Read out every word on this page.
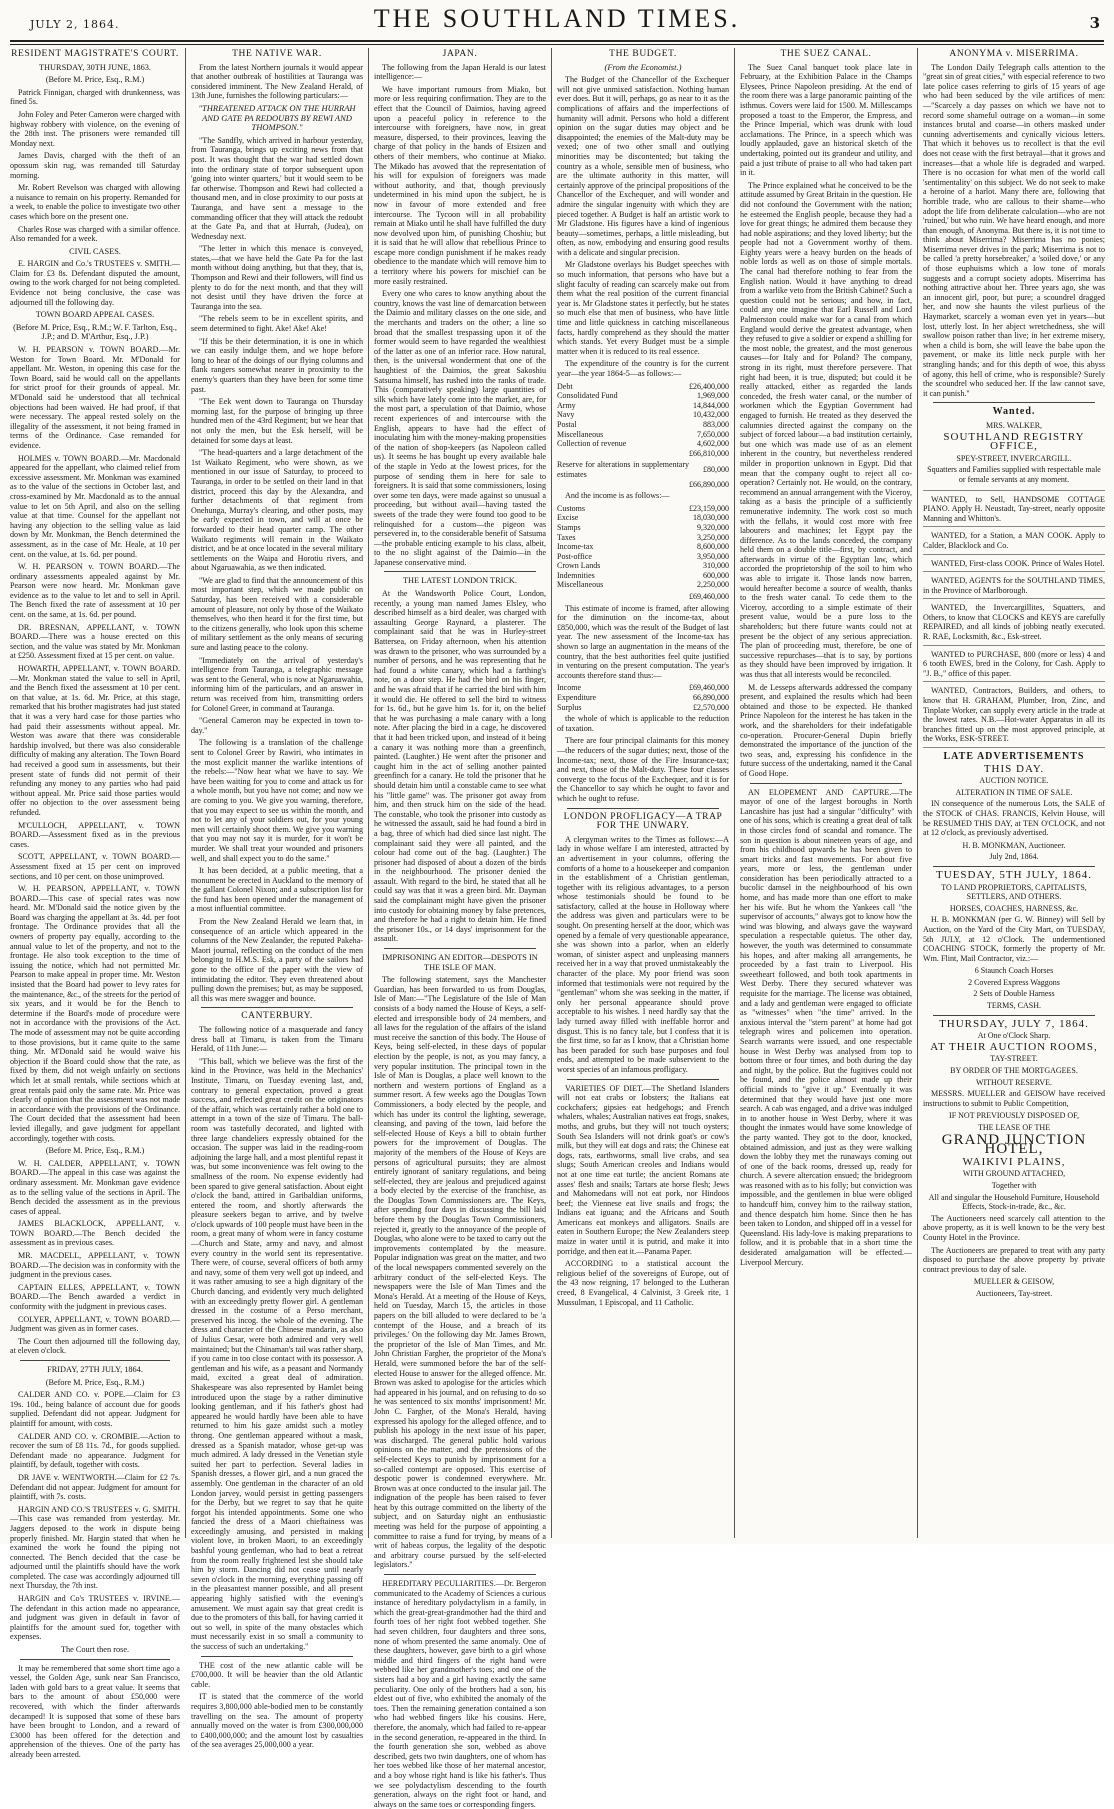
JULY 2, 1864.	THE SOUTHLAND TIMES.	3
RESIDENT MAGISTRATE'S COURT.
THURSDAY, 30TH JUNE, 1863.
(Before M. Price, Esq., R.M.)

Patrick Finnigan, charged with drunkenness, was fined 5s.

John Foley and Peter Cameron were charged with highway robbery with violence, on the evening of the 28th inst. The prisoners were remanded till Monday next.

James Davis, charged with the theft of an opossum skin rug, was remanded till Saturday morning.

Mr. Robert Revelson was charged with allowing a nuisance to remain on his property. Remanded for a week, to enable the police to investigate two other cases which bore on the present one.

Charles Rose was charged with a similar offence. Also remanded for a week.

CIVIL CASES.

E. HARGIN and Co.'s TRUSTEES v. SMITH.—Claim for £3 8s. Defendant disputed the amount, owing to the work charged for not being completed. Evidence not being conclusive, the case was adjourned till the following day.

TOWN BOARD APPEAL CASES.
(Before M. Price, Esq., R.M.; W. F. Tarlton, Esq., J.P.; and D. M'Arthur, Esq., J.P.)

W. H. PEARSON v. TOWN BOARD.—Mr. Weston for Town Board. Mr. M'Donald for appellant. Mr. Weston, in opening this case for the Town Board, said he would call on the appellants for strict proof for their grounds of appeal. Mr. M'Donald said he understood that all technical objections had been waived. He had proof, if that were necessary. The appeal rested solely on the illegality of the assessment, it not being framed in terms of the Ordinance. Case remanded for evidence.

HOLMES v. TOWN BOARD.—Mr. Macdonald appeared for the appellant, who claimed relief from excessive assessment. Mr. Monkman was examined as to the value of the sections in October last, and cross-examined by Mr. Macdonald as to the annual value to let on 5th April, and also on the selling value at that time. Counsel for the appellant not having any objection to the selling value as laid down by Mr. Monkman, the Bench determined the assessment, as in the case of Mr. Heale, at 10 per cent. on the value, at 1s. 6d. per pound.

W. H. PEARSON v. TOWN BOARD.—The ordinary assessments appealed against by Mr. Pearson were now heard. Mr. Monkman gave evidence as to the value to let and to sell in April. The Bench fixed the rate of assessment at 10 per cent. on the same, at 1s. 6d. per pound.

DR. BRESNAN, APPELLANT, v. TOWN BOARD.—There was a house erected on this section, and the value was stated by Mr. Monkman at £250. Assessment fixed at 15 per cent. on value.

HOWARTH, APPELLANT, v. TOWN BOARD.—Mr. Monkman stated the value to sell in April, and the Bench fixed the assessment at 10 per cent. on that value, at 1s. 6d. Mr. Price, at this stage, remarked that his brother magistrates had just stated that it was a very hard case for those parties who had paid their assessments without appeal. Mr. Weston was aware that there was considerable hardship involved, but there was also considerable difficulty of making any alteration. The Town Board had received a good sum in assessments, but their present state of funds did not permit of their refunding any money to any parties who had paid without appeal. Mr. Price said those parties would offer no objection to the over assessment being refunded.

M'CULLOCH, APPELLANT, v. TOWN BOARD.—Assessment fixed as in the previous cases.

SCOTT, APPELLANT, v. TOWN BOARD.—Assessment fixed at 15 per cent on improved sections, and 10 per cent. on those unimproved.

W. H. PEARSON, APPELLANT, v. TOWN BOARD.—This case of special rates was now heard. Mr. M'Donald said the notice given by the Board was charging the appellant at 3s. 4d. per foot frontage. The Ordinance provides that all the owners of property pay equally, according to the annual value to let of the property, and not to the frontage. He also took exception to the time of issuing the notice, which had not permitted Mr. Pearson to make appeal in proper time. Mr. Weston insisted that the Board had power to levy rates for the maintenance, &c., of the streets for the period of six years, and it would be for the Bench to determine if the Board's mode of procedure were not in accordance with the provisions of the Act. The mode of assessment may not be quite according to those provisions, but it came quite to the same thing. Mr. M'Donald said he would waive his objection if the Board could show that the rate, as fixed by them, did not weigh unfairly on sections which let at small rentals, while sections which at great rentals paid only the same rate. Mr. Price was clearly of opinion that the assessment was not made in accordance with the provisions of the Ordinance. The Court decided that the assessment had been levied illegally, and gave judgment for appellant accordingly, together with costs.

(Before M. Price, Esq., R.M.)

W. H. CALDER, APPELLANT, v. TOWN BOARD.—The appeal in this case was against the ordinary assessment. Mr. Monkman gave evidence as to the selling value of the sections in April. The Bench decided the assessment as in the previous cases of appeal.

JAMES BLACKLOCK, APPELLANT, v. TOWN BOARD.—The Bench decided the assessment as in previous cases.

MR. MACDELL, APPELLANT, v. TOWN BOARD.—The decision was in conformity with the judgment in the previous cases.

CAPTAIN ELLES, APPELLANT, v. TOWN BOARD.—The Bench awarded a verdict in conformity with the judgment in previous cases.

COLYER, APPELLANT, v. TOWN BOARD.—Judgment was given as in former cases.

The Court then adjourned till the following day, at eleven o'clock.

FRIDAY, 27TH JULY, 1864.
(Before M. Price, Esq., R.M.)

CALDER AND CO. v. POPE.—Claim for £3 19s. 10d., being balance of account due for goods supplied. Defendant did not appear. Judgment for plaintiff for amount, with costs.

CALDER AND CO. v. CROMBIE.—Action to recover the sum of £8 11s. 7d., for goods supplied. Defendant made no appearance. Judgment for plaintiff, by default, together with costs.

DR JAVE v. WENTWORTH.—Claim for £2 7s. Defendant did not appear. Judgment for amount for plaintiff, with 7s. costs.

HARGIN AND CO.'S TRUSTEES v. G. SMITH.—This case was remanded from yesterday. Mr. Jaggers deposed to the work in dispute being properly finished. Mr. Hargin stated that when he examined the work he found the piping not connected. The Bench decided that the case be adjourned until the plaintiffs should have the work completed. The case was accordingly adjourned till next Thursday, the 7th inst.

HARGIN and Co's TRUSTEES v. IRVINE.—The defendant in this action made no appearance, and judgment was given in default in favor of plaintiffs for the amount sued for, together with expenses.

The Court then rose.

It may be remembered that some short time ago a vessel, the Golden Age, sunk near San Francisco, laden with gold bars to a great value. It seems that bars to the amount of about £50,000 were recovered, with which the finder afterwards decamped! It is supposed that some of these bars have been brought to London, and a reward of £3000 has been offered for the detection and apprehension of the thieves. One of the party has already been arrested.

THE NATIVE WAR.

From the latest Northern journals it would appear that another outbreak of hostilities at Tauranga was considered imminent. The New Zealand Herald, of 13th June, furnishes the following particulars:—

"THREATENED ATTACK ON THE HURRAH AND GATE PA REDOUBTS BY REWI AND THOMPSON."

"The Sandfly, which arrived in harbour yesterday, from Tauranga, brings up exciting news from that post. It was thought that the war had settled down into the ordinary state of torpor subsequent upon 'going into winter quarters,' but it would seem to be far otherwise. Thompson and Rewi had collected a thousand men, and in close proximity to our posts at Tauranga, and have sent a message to the commanding officer that they will attack the redoubt at the Gate Pa, and that at Hurrah, (Judea), on Wednesday next.

"The letter in which this menace is conveyed, states,—that we have held the Gate Pa for the last month without doing anything, but that they, that is, Thompson and Rewi and their followers, will find us plenty to do for the next month, and that they will not desist until they have driven the force at Tauranga into the sea.

"The rebels seem to be in excellent spirits, and seem determined to fight. Ake! Ake! Ake!

"If this be their determination, it is one in which we can easily indulge them, and we hope before long to hear of the doings of our flying columns and flank rangers somewhat nearer in proximity to the enemy's quarters than they have been for some time past.

"The Eek went down to Tauranga on Thursday morning last, for the purpose of bringing up three hundred men of the 43rd Regiment; but we hear that not only the men, but the Esk herself, will be detained for some days at least.

"The head-quarters and a large detachment of the 1st Waikato Regiment, who were shown, as we mentioned in our issue of Saturday, to proceed to Tauranga, in order to be settled on their land in that district, proceed this day by the Alexandra, and further detachments of that regiment from Onehunga, Murray's clearing, and other posts, may be early expected in town, and will at once be forwarded to their head quarter camp. The other Waikato regiments will remain in the Waikato district, and be at once located in the several military settlements on the Waipa and Horotiu rivers, and about Ngaruawahia, as we then indicated.

"We are glad to find that the announcement of this most important step, which we made public on Saturday, has been received with a considerable amount of pleasure, not only by those of the Waikato themselves, who then heard it for the first time, but to the citizens generally, who look upon this scheme of military settlement as the only means of securing sure and lasting peace to the colony.

"Immediately on the arrival of yesterday's intelligence from Tauranga, a telegraphic message was sent to the General, who is now at Ngaruawahia, informing him of the particulars, and an answer in return was received from him, transmitting orders for Colonel Greer, in command at Tauranga.

"General Cameron may be expected in town to-day."

The following is a translation of the challenge sent to Colonel Greer by Rawiri, who intimates in the most explicit manner the warlike intentions of the rebels:—"Now hear what we have to say. We have been waiting for you to come and attack us for a whole month, but you have not come; and now we are coming to you. We give you warning, therefore, that you may expect to see us within the month, and not to let any of your soldiers out, for your young men will certainly shoot them. We give you warning that you may not say it is murder, for it won't be murder. We shall treat your wounded and prisoners well, and shall expect you to do the same."

It has been decided, at a public meeting, that a monument be erected in Auckland to the memory of the gallant Colonel Nixon; and a subscription list for the fund has been opened under the management of a most influential committee.

From the New Zealand Herald we learn that, in consequence of an article which appeared in the columns of the New Zealander, the reputed Pakeha-Maori journal, reflecting on the conduct of the men belonging to H.M.S. Esk, a party of the sailors had gone to the office of the paper with the view of intimidating the editor. They even threatened about pulling down the premises; but, as may be supposed, all this was mere swagger and bounce.

CANTERBURY.

The following notice of a masquerade and fancy dress ball at Timaru, is taken from the Timaru Herald, of 11th June:—

"This ball, which we believe was the first of the kind in the Province, was held in the Mechanics' Institute, Timaru, on Tuesday evening last, and, contrary to general expectation, proved a great success, and reflected great credit on the originators of the affair, which was certainly rather a bold one to attempt in a town of the size of Timaru. The ball-room was tastefully decorated, and lighted with three large chandeliers expressly obtained for the occasion. The supper was laid in the reading-room adjoining the large hall, and a most plentiful repast it was, but some inconvenience was felt owing to the smallness of the room. No expense evidently had been spared to give general satisfaction. About eight o'clock the band, attired in Garibaldian uniforms, entered the room, and shortly afterwards the pleasure seekers began to arrive, and by twelve o'clock upwards of 100 people must have been in the room, a great many of whom were in fancy costume—Church and State, army and navy, and almost every country in the world sent its representative. There were, of course, several officers of both army and navy, some of them very well got up indeed, and it was rather amusing to see a high dignitary of the Church dancing, and evidently very much delighted with an exceedingly pretty flower girl. A gentleman dressed in the costume of a Perso merchant, preserved his incog. the whole of the evening. The dress and character of the Chinese mandarin, as also of Julius Cæsar, were both admired and very well maintained; but the Chinaman's tail was rather sharp, if you came in too close contact with its possessor. A gentleman and his wife, as a peasant and Normandy maid, excited a great deal of admiration. Shakespeare was also represented by Hamlet being introduced upon the stage by a rather diminutive looking gentleman, and if his father's ghost had appeared he would hardly have been able to have returned to him his gaze amidst such a motley throng. One gentleman appeared without a mask, dressed as a Spanish matador, whose get-up was much admired. A lady dressed in the Venetian style suited her part to perfection. Several ladies in Spanish dresses, a flower girl, and a nun graced the assembly. One gentleman in the character of an old London jarvey, would persist in getting passengers for the Derby, but we regret to say that he quite forgot his intended appointments. Some one who fancied the dress of a Maori chieftainess was exceedingly amusing, and persisted in making violent love, in broken Maori, to an exceedingly bashful young gentleman, who had to beat a retreat from the room really frightened lest she should take him by storm. Dancing did not cease until nearly seven o'clock in the morning, everything passing off in the pleasantest manner possible, and all present appearing highly satisfied with the evening's amusement. We must again say that great credit is due to the promoters of this ball, for having carried it out so well, in spite of the many obstacles which must necessarily exist in so small a community to the success of such an undertaking."

THE cost of the new atlantic cable will be £700,000. It will be heavier than the old Atlantic cable.

IT is stated that the commerce of the world requires 3,800,000 able-bodied men to be constantly travelling on the sea. The amount of property annually moved on the water is from £300,000,000 to £400,000,000; and the amount lost by casualties of the sea averages 25,000,000 a year.

JAPAN.

The following from the Japan Herald is our latest intelligence:—

We have important rumours from Miako, but more or less requiring confirmation. They are to the effect that the Council of Daimios, having agreed upon a peaceful policy in reference to the intercourse with foreigners, have now, in great measure, dispersed, to their provinces, leaving the charge of that policy in the hands of Etsizen and others of their members, who continue at Miako. The Mikado has avowed that the representation of his will for expulsion of foreigners was made without authority, and that, though previously undetermined in his mind upon the subject, he is now in favour of more extended and free intercourse. The Tycoon will in all probability remain at Miako until he shall have fulfilled the duty now devolved upon him, of punishing Choshiu; but it is said that he will allow that rebellious Prince to escape more condign punishment if he makes ready obedience to the mandate which will remove him to a territory where his powers for mischief can be more easily restrained.

Every one who cares to know anything about the country, knows the vast line of demarcation between the Daimio and military classes on the one side, and the merchants and traders on the other; a line so broad that the smallest trespassing upon it of the former would seem to have regarded the wealthiest of the latter as one of an inferior race. How natural, then, is the universal wonderment that one of the haughtiest of the Daimios, the great Sakoshiu Satsuma himself, has rushed into the ranks of trade. This (comparatively speaking) large quantities of silk which have lately come into the market, are, for the most part, a speculation of that Daimio, whose recent experiences of and intercourse with the English, appears to have had the effect of inoculating him with the money-making propensities of the nation of shop-keepers (as Napoleon called us). It seems he has bought up every available bale of the staple in Yedo at the lowest prices, for the purpose of sending them in here for sale to foreigners. It is said that some commissioners, losing over some ten days, were made against so unusual a proceeding, but without avail—having tasted the sweets of the trade they were found too good to be relinquished for a custom—the pigeon was persevered in, to the considerable benefit of Satsuma—the probable enticing example to his class, albeit, to the no slight against of the Daimio—in the Japanese conservative mind.

THE LATEST LONDON TRICK.

At the Wandsworth Police Court, London, recently, a young man named James Elsley, who described himself as a bird dealer, was charged with assaulting George Raynard, a plasterer. The complainant said that he was in Hurley-street Battersea, on Friday afternoon, when his attention was drawn to the prisoner, who was surrounded by a number of persons, and he was representing that he had found a white canary, which had a farthing's note, on a door step. He had the bird on his finger, and he was afraid that if he carried the bird with him it would die. He offered to sell the bird to witness for 1s. 6d., but he gave him 1s. for it, on the belief that he was purchasing a male canary with a long note. After placing the bird in a cage, he discovered that it had been tricked upon, and instead of it being a canary it was nothing more than a greenfinch, painted. (Laughter.) He went after the prisoner and caught him in the act of selling another painted greenfinch for a canary. He told the prisoner that he should detain him until a constable came to see what his "little game" was. The prisoner got away from him, and then struck him on the side of the head. The constable, who took the prisoner into custody as he witnessed the assault, said he had found a bird in a bag, three of which had died since last night. The complainant said they were all painted, and the colour had come out of the bag. (Laughter.) The prisoner had disposed of about a dozen of the birds in the neighbourhood. The prisoner denied the assault. With regard to the bird, he stated that all he could say was that it was a green bird. Mr. Dayman said the complainant might have given the prisoner into custody for obtaining money by false pretences, and therefore he had a right to detain him. He fined the prisoner 10s., or 14 days' imprisonment for the assault.

IMPRISONING AN EDITOR—DESPOTS IN THE ISLE OF MAN.

The following statement, says the Manchester Guardian, has been forwarded to us from Douglas, Isle of Man:—"The Legislature of the Isle of Man consists of a body named the House of Keys, a self-elected and irresponsible body of 24 members, and all laws for the regulation of the affairs of the island must receive the sanction of this body. The House of Keys, being self-elected, in these days of popular election by the people, is not, as you may fancy, a very popular institution. The principal town in the Isle of Man is Douglas, a place well known to the northern and western portions of England as a summer resort. A few weeks ago the Douglas Town Commissioners, a body elected by the people, and which has under its control the lighting, sewerage, cleansing, and paving of the town, laid before the self-elected House of Keys a bill to obtain further powers for the improvement of Douglas. The majority of the members of the House of Keys are persons of agricultural pursuits; they are almost entirely ignorant of sanitary regulations, and being self-elected, they are jealous and prejudiced against a body elected by the exercise of the franchise, as the Douglas Town Commissioners are. The Keys, after spending four days in discussing the bill laid before them by the Douglas Town Commissioners, rejected it, greatly to the annoyance of the people of Douglas, who alone were to be taxed to carry out the improvements contemplated by the measure. Popular indignation was great on the matter, and two of the local newspapers commented severely on the arbitrary conduct of the self-elected Keys. The newspapers were the Isle of Man Times and the Mona's Herald. At a meeting of the House of Keys, held on Tuesday, March 15, the articles in those papers on the bill alluded to were declared to be 'a contempt of the House, and a breach of its privileges.' On the following day Mr. James Brown, the proprietor of the Isle of Man Times, and Mr. John Christian Fargher, the proprietor of the Mona's Herald, were summoned before the bar of the self-elected House to answer for the alleged offence. Mr. Brown was asked to apologise for the articles which had appeared in his journal, and on refusing to do so he was sentenced to six months' imprisonment! Mr. John C. Fargher, of the Mona's Herald, having expressed his apology for the alleged offence, and to publish his apology in the next issue of his paper, was discharged. The general public hold various opinions on the matter, and the pretensions of the self-elected Keys to punish by imprisonment for a so-called contempt are opposed. This exercise of despotic power is condemned everywhere. Mr. Brown was at once conducted to the insular jail. The indignation of the people has been raised to fever heat by this outrage committed on the liberty of the subject, and on Saturday night an enthusiastic meeting was held for the purpose of appointing a committee to raise a fund for trying, by means of a writ of habeas corpus, the legality of the despotic and arbitrary course pursued by the self-elected legislators."

HEREDITARY PECULIARITIES.—Dr. Bergeron communicated to the Academy of Sciences a curious instance of hereditary polydactylism in a family, in which the great-great-grandmother had the third and fourth toes of her right foot webbed together. She had seven children, four daughters and three sons, none of whom presented the same anomaly. One of these daughters, however, gave birth to a girl whose middle and third fingers of the right hand were webbed like her grandmother's toes; and one of the sisters had a boy and a girl having exactly the same peculiarity. One only of the brothers had a son, his eldest out of five, who exhibited the anomaly of the toes. Then the remaining generation contained a son who had webbed fingers like his cousins. Here, therefore, the anomaly, which had failed to re-appear in the second generation, re-appeared in the third. In the fourth generation she son, webbed as above described, gets two twin daughters, one of whom has her toes webbed like those of her maternal ancestor, and a boy whose right hand is like his father's. Thus we see polydactylism descending to the fourth generation, always on the right foot or hand, and always on the same toes or corresponding fingers.

THE BUDGET.
(From the Economist.)

The Budget of the Chancellor of the Exchequer will not give unmixed satisfaction. Nothing human ever does. But it will, perhaps, go as near to it as the complications of affairs and the imperfections of humanity will admit. Persons who hold a different opinion on the sugar duties may object and be disappointed; the enemies of the Malt-duty may be vexed; one of two other small and outlying minorities may be discontented; but taking the country as a whole, sensible men of business, who are the ultimate authority in this matter, will certainly approve of the principal propositions of the Chancellor of the Exchequer, and will wonder and admire the singular ingenuity with which they are pieced together. A Budget is half an artistic work to Mr Gladstone. His figures have a kind of ingenious beauty—sometimes, perhaps, a little misleading, but often, as now, embodying and ensuring good results with a delicate and singular precision.

Mr Gladstone overlays his Budget speeches with so much information, that persons who have but a slight faculty of reading can scarcely make out from them what the real position of the current financial year is. Mr Gladstone states it perfectly, but he states so much else that men of business, who have little time and little quickness in catching miscellaneous facts, hardly comprehend as they should the matter which stands. Yet every Budget must be a simple matter when it is reduced to its real essence.

The expenditure of the country is for the current year—the year 1864-5—as follows:—

Debt	£26,400,000
Consolidated Fund	1,969,000
Army	14,844,000
Navy	10,432,000
Postal	883,000
Miscellaneous	7,650,000
Collection of revenue	4,602,000
	£66,810,000
Reserve for alterations in supplementary estimates	£80,000
	£66,890,000

And the income is as follows:—

Customs	£23,159,000
Excise	18,030,000
Stamps	9,320,000
Taxes	3,250,000
Income-tax	8,600,000
Post-office	3,950,000
Crown Lands	310,000
Indemnities	600,000
Miscellaneous	2,250,000
	£69,460,000

This estimate of income is framed, after allowing for the diminution on the income-tax, about £850,000, which was the result of the Budget of last year. The new assessment of the Income-tax has shown so large an augmentation in the means of the country, that the best authorities feel quite justified in venturing on the present computation. The year's accounts therefore stand thus:—

Income	£69,460,000
Expenditure	66,890,000
Surplus	£2,570,000

the whole of which is applicable to the reduction of taxation.

There are four principal claimants for this money—the reducers of the sugar duties; next, those of the Income-tax; next, those of the Fire Insurance-tax; and next, those of the Malt-duty. These four classes converge to the focus of the Exchequer, and it is for the Chancellor to say which he ought to favor and which he ought to refuse.

LONDON PROFLIGACY—A TRAP FOR THE UNWARY.

A clergyman writes to the Times as follows:—A lady in whose welfare I am interested, attracted by an advertisement in your columns, offering the comforts of a home to a housekeeper and companion in the establishment of a Christian gentleman, together with its religious advantages, to a person whose testimonials should be found to be satisfactory, called at the house in Holloway where the address was given and particulars were to be sought. On presenting herself at the door, which was opened by a female of very questionable appearance, she was shown into a parlor, when an elderly woman, of sinister aspect and unpleasing manners received her in a way that proved unmistakeably the character of the place. My poor friend was soon informed that testimonials were not required by the "gentleman" whom she was seeking in the matter, if only her personal appearance should prove acceptable to his wishes. I need hardly say that the lady turned away filled with ineffable horror and disgust. This is no fancy tale, but I confess that it is the first time, so far as I know, that a Christian home has been paraded for such base purposes and foul ends, and attempted to be made subservient to the worst species of an infamous profligacy.

VARIETIES OF DIET.—The Shetland Islanders will not eat crabs or lobsters; the Italians eat cockchafers; gipsies eat hedgehogs; and French whalers, whales; Australian natives eat frogs, snakes, moths, and grubs, but they will not touch oysters; South Sea Islanders will not drink goat's or cow's milk, but they will eat dogs and rats; the Chinese eat dogs, rats, earthworms, small live crabs, and sea slugs; South American creoles and Indians would not at one time eat turtle; the ancient Romans ate asses' flesh and snails; Tartars ate horse flesh; Jews and Mahomedans will not eat pork, nor Hindoos beef; the Viennese eat live snails and frogs; the Indians eat iguana; and the Africans and South Americans eat monkeys and alligators. Snails are eaten in Southern Europe; the New Zealanders steep maize in water until it is putrid, and make it into porridge, and then eat it.—Panama Paper.

ACCORDING to a statistical account the religious belief of the sovereigns of Europe, out of the 43 now reigning, 17 belonged to the Lutheran creed, 8 Evangelical, 4 Calvinist, 3 Greek rite, 1 Mussulman, 1 Episcopal, and 11 Catholic.

THE SUEZ CANAL.

The Suez Canal banquet took place late in February, at the Exhibition Palace in the Champs Elysees, Prince Napoleon presiding. At the end of the room there was a large panoramic painting of the isthmus. Covers were laid for 1500. M. Millescamps proposed a toast to the Emperor, the Empress, and the Prince Imperial, which was drunk with loud acclamations. The Prince, in a speech which was loudly applauded, gave an historical sketch of the undertaking, pointed out its grandeur and utility, and paid a just tribute of praise to all who had taken part in it.

The Prince explained what he conceived to be the attitude assumed by Great Britain in the question. He did not confound the Government with the nation; he esteemed the English people, because they had a love for great things; he admired them because they had noble aspirations; and they loved liberty; but the people had not a Government worthy of them. Eighty years were a heavy burden on the heads of noble lords as well as on those of simple mortals. The canal had therefore nothing to fear from the English nation. Would it have anything to dread from a warlike veto from the British Cabinet? Such a question could not be serious; and how, in fact, could any one imagine that Earl Russell and Lord Palmerston could make war for a canal from which England would derive the greatest advantage, when they refused to give a soldier or expend a shilling for the most noble, the greatest, and the most generous causes—for Italy and for Poland? The company, strong in its right, must therefore persevere. That right had been, it is true, disputed; but could it be really attacked, either as regarded the lands conceded, the fresh water canal, or the number of workmen which the Egyptian Government had engaged to furnish. He treated as they deserved the calumnies directed against the company on the subject of forced labour—a bad institution certainly, but one which was made use of as an element inherent in the country, but nevertheless rendered milder in proportion unknown in Egypt. Did that mean that the company ought to reject all co-operation? Certainly not. He would, on the contrary, recommend an annual arrangement with the Viceroy, taking as a basis the principle of a sufficiently remunerative indemnity. The work cost so much with the fellahs, it would cost more with free labourers and machines; let Egypt pay the difference. As to the lands conceded, the company held them on a double title—first, by contract, and afterwards in virtue of the Egyptian law, which accorded the proprietorship of the soil to him who was able to irrigate it. Those lands now barren, would hereafter become a source of wealth, thanks to the fresh water canal. To cede them to the Viceroy, according to a simple estimate of their present value, would be a pure loss to the shareholders; but there future wants could not at present be the object of any serious appreciation. The plan of proceeding must, therefore, be one of successive repurchases—that is to say, by portions as they should have been improved by irrigation. It was thus that all interests would be reconciled.

M. de Lesseps afterwards addressed the company present, and explained the results which had been obtained and those to be expected. He thanked Prince Napoleon for the interest he has taken in the work, and the shareholders for their indefatigable co-operation. Procurer-General Dupin briefly demonstrated the importance of the junction of the two seas, and, expressing his confidence in the future success of the undertaking, named it the Canal of Good Hope.

AN ELOPEMENT AND CAPTURE.—The mayor of one of the largest boroughs in North Lancashire has just had a singular "difficulty" with one of his sons, which is creating a great deal of talk in those circles fond of scandal and romance. The son in question is about nineteen years of age, and from his childhood upwards he has been given to smart tricks and fast movements. For about five years, more or less, the gentleman under consideration has been periodically attracted to a bucolic damsel in the neighbourhood of his own home, and has made more than one effort to make her his wife. But he whom the Yankees call "the supervisor of accounts," always got to know how the wind was blowing, and always gave the wayward speculation a respectable quietus. The other day, however, the youth was determined to consummate his hopes, and after making all arrangements, he proceeded by a fast train to Liverpool. His sweetheart followed, and both took apartments in West Derby. There they secured whatever was requisite for the marriage. The license was obtained, and a lady and gentleman were engaged to officiate as "witnesses" when "the time" arrived. In the anxious interval the "stern parent" at home had got telegraph wires and policemen into operation. Search warrants were issued, and one respectable house in West Derby was analysed from top to bottom three or four times, and both during the day and night, by the police. But the fugitives could not be found, and the police almost made up their official minds to "give it up." Eventually it was determined that they would have just one more search. A cab was engaged, and a drive was indulged in to another house in West Derby, where it was thought the inmates would have some knowledge of the party wanted. They got to the door, knocked, obtained admission, and just as they were walking down the lobby they met the runaways coming out of one of the back rooms, dressed up, ready for church. A severe altercation ensued; the bridegroom was reasoned with as to his folly; but conviction was impossible, and the gentlemen in blue were obliged to handcuff him, convey him to the railway station, and thence despatch him home. Since then he has been taken to London, and shipped off in a vessel for Queensland. His lady-love is making preparations to follow, and it is probable that in a short time the desiderated amalgamation will be effected.—Liverpool Mercury.

ANONYMA v. MISERRIMA.

The London Daily Telegraph calls attention to the "great sin of great cities," with especial reference to two late police cases referring to girls of 15 years of age who had been seduced by the vile artifices of men:—"Scarcely a day passes on which we have not to record some shameful outrage on a woman—in some instances brutal and coarse—in others masked under cunning advertisements and cynically vicious letters. That which it behoves us to recollect is that the evil does not cease with the first betrayal—that it grows and increases—that a whole life is degraded and warped. There is no occasion for what men of the world call 'sentimentality' on this subject. We do not seek to make a heroine of a harlot. Many there are, following that horrible trade, who are callous to their shame—who adopt the life from deliberate calculation—who are not 'ruined,' but who ruin. We have heard enough, and more than enough, of Anonyma. But there is, it is not time to think about Miserrima? Miserrima has no ponies; Miserrima never drives in the park; Miserrima is not to be called 'a pretty horsebreaker,' a 'soiled dove,' or any of those euphuisms which a low tone of morals suggests and a corrupt society adopts. Miserrima has nothing attractive about her. Three years ago, she was an innocent girl, poor, but pure; a scoundrel dragged her, and now she haunts the vilest purlieus of the Haymarket, scarcely a woman even yet in years—but lost, utterly lost. In her abject wretchedness, she will swallow poison rather than live; in her extreme misery, when a child is born, she will leave the babe upon the pavement, or make its little neck purple with her strangling hands; and for this depth of woe, this abyss of agony, this hell of crime, who is responsible? Surely the scoundrel who seduced her. If the law cannot save, it can punish."

Wanted.
MRS. WALKER,
SOUTHLAND REGISTRY OFFICE,
SPEY-STREET, INVERCARGILL.
Squatters and Families supplied with respectable male or female servants at any moment.

WANTED, to Sell, HANDSOME COTTAGE PIANO. Apply H. Neustadt, Tay-street, nearly opposite Manning and Whitton's.

WANTED, for a Station, a MAN COOK. Apply to Calder, Blacklock and Co.

WANTED, First-class COOK. Prince of Wales Hotel.

WANTED, AGENTS for the SOUTHLAND TIMES, in the Province of Marlborough.

WANTED, the Invercargillites, Squatters, and Others, to know that CLOCKS and KEYS are carefully REPAIRED, and all kinds of jobbing neatly executed. R. RAE, Locksmith, &c., Esk-street.

WANTED to PURCHASE, 800 (more or less) 4 and 6 tooth EWES, bred in the Colony, for Cash. Apply to "J. B.," office of this paper.

WANTED, Contractors, Builders, and others, to know that H. GRAHAM, Plumber, Iron, Zinc, and Tinplate Worker, can supply every article in the trade at the lowest rates. N.B.—Hot-water Apparatus in all its branches fitted up on the most approved principle, at the Works, ESK-STREET.

LATE ADVERTISEMENTS
THIS DAY.
AUCTION NOTICE.
ALTERATION IN TIME OF SALE.

IN consequence of the numerous Lots, the SALE of the STOCK of CHAS. FRANCIS, Kelvin House, will be RESUMED THIS DAY, at TEN O'CLOCK, and not at 12 o'clock, as previously advertised.

H. B. MONKMAN, Auctioneer.
July 2nd, 1864.
TUESDAY, 5TH JULY, 1864.
TO LAND PROPRIETORS, CAPITALISTS, SETTLERS, AND OTHERS.
HORSES, COACHES, HARNESS, &c.

H. B. MONKMAN (per G. W. Binney) will Sell by Auction, on the Yard of the City Mart, on TUESDAY, 5th JULY, at 12 o'Clock. The undermentioned COACHING STOCK, formerly the property of Mr. Wm. Flint, Mail Contractor, viz.:—

6 Staunch Coach Horses
2 Covered Express Waggons
2 Sets of Double Harness
TERMS, CASH.
THURSDAY, JULY 7, 1864.
At One o'Clock Sharp.
AT THEIR AUCTION ROOMS,
TAY-STREET.
BY ORDER OF THE MORTGAGEES.
WITHOUT RESERVE.

MESSRS. MUELLER and GEISOW have received instructions to submit to Public Competition,

IF NOT PREVIOUSLY DISPOSED OF,
THE LEASE OF THE
GRAND JUNCTION HOTEL,
WAIKIVI PLAINS,
WITH GROUND ATTACHED,
Together with
All and singular the Household Furniture, Household Effects, Stock-in-trade, &c., &c.

The Auctioneers need scarcely call attention to the above property, as it is well known to be the very best County Hotel in the Province.

The Auctioneers are prepared to treat with any party disposed to purchase the above property by private contract previous to day of sale.

MUELLER & GEISOW,
Auctioneers, Tay-street.
